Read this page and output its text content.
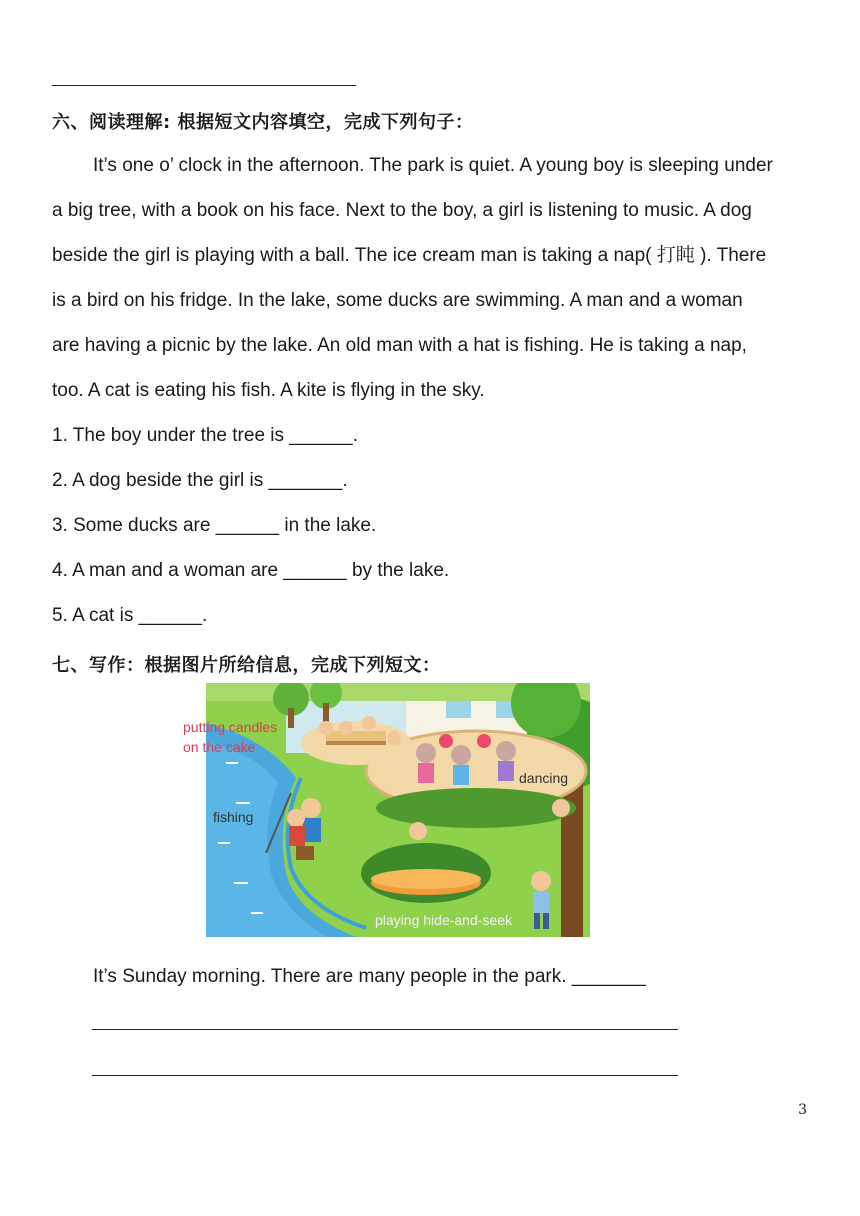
六、阅读理解: 根据短文内容填空，完成下列句子：
It’s one o’ clock in the afternoon. The park is quiet. A young boy is sleeping under
a big tree, with a book on his face. Next to the boy, a girl is listening to music. A dog
beside the girl is playing with a ball. The ice cream man is taking a nap( 打盹 ). There
is a bird on his fridge. In the lake, some ducks are swimming. A man and a woman
are having a picnic by the lake. An old man with a hat is fishing. He is taking a nap,
too. A cat is eating his fish. A kite is flying in the sky.
1. The boy under the tree is ______.
2. A dog beside the girl is _______.
3. Some ducks are ______ in the lake.
4. A man and a woman are ______ by the lake.
5. A cat is ______.
七、写作：根据图片所给信息，完成下列短文：
putting candles
on the cake
dancing
fishing
playing hide-and-seek
It’s Sunday morning. There are many people in the park. _______
3
